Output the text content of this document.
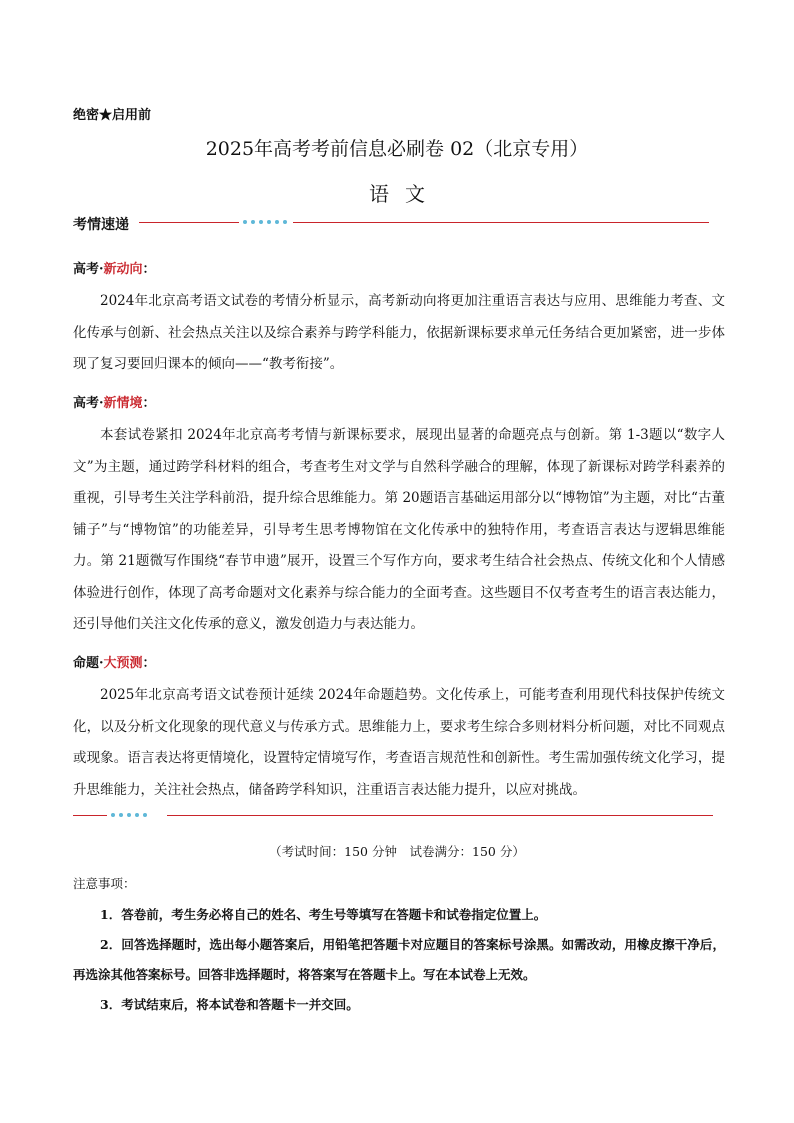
绝密★启用前
2025年高考考前信息必刷卷 02（北京专用）
语文
考情速递
高考·新动向：
2024年北京高考语文试卷的考情分析显示，高考新动向将更加注重语言表达与应用、思维能力考查、文化传承与创新、社会热点关注以及综合素养与跨学科能力，依据新课标要求单元任务结合更加紧密，进一步体现了复习要回归课本的倾向——“教考衔接”。
高考·新情境：
本套试卷紧扣 2024年北京高考考情与新课标要求，展现出显著的命题亮点与创新。第 1-3题以“数字人文”为主题，通过跨学科材料的组合，考查考生对文学与自然科学融合的理解，体现了新课标对跨学科素养的重视，引导考生关注学科前沿，提升综合思维能力。第 20题语言基础运用部分以“博物馆”为主题，对比“古董铺子”与“博物馆”的功能差异，引导考生思考博物馆在文化传承中的独特作用，考查语言表达与逻辑思维能力。第 21题微写作围绕“春节申遗”展开，设置三个写作方向，要求考生结合社会热点、传统文化和个人情感体验进行创作，体现了高考命题对文化素养与综合能力的全面考查。这些题目不仅考查考生的语言表达能力，还引导他们关注文化传承的意义，激发创造力与表达能力。
命题·大预测：
2025年北京高考语文试卷预计延续 2024年命题趋势。文化传承上，可能考查利用现代科技保护传统文化，以及分析文化现象的现代意义与传承方式。思维能力上，要求考生综合多则材料分析问题，对比不同观点或现象。语言表达将更情境化，设置特定情境写作，考查语言规范性和创新性。考生需加强传统文化学习，提升思维能力，关注社会热点，储备跨学科知识，注重语言表达能力提升，以应对挑战。
（考试时间：150 分钟　试卷满分：150 分）
注意事项：
1．答卷前，考生务必将自己的姓名、考生号等填写在答题卡和试卷指定位置上。
2．回答选择题时，选出每小题答案后，用铅笔把答题卡对应题目的答案标号涂黑。如需改动，用橡皮擦干净后，再选涂其他答案标号。回答非选择题时，将答案写在答题卡上。写在本试卷上无效。
3．考试结束后，将本试卷和答题卡一并交回。
